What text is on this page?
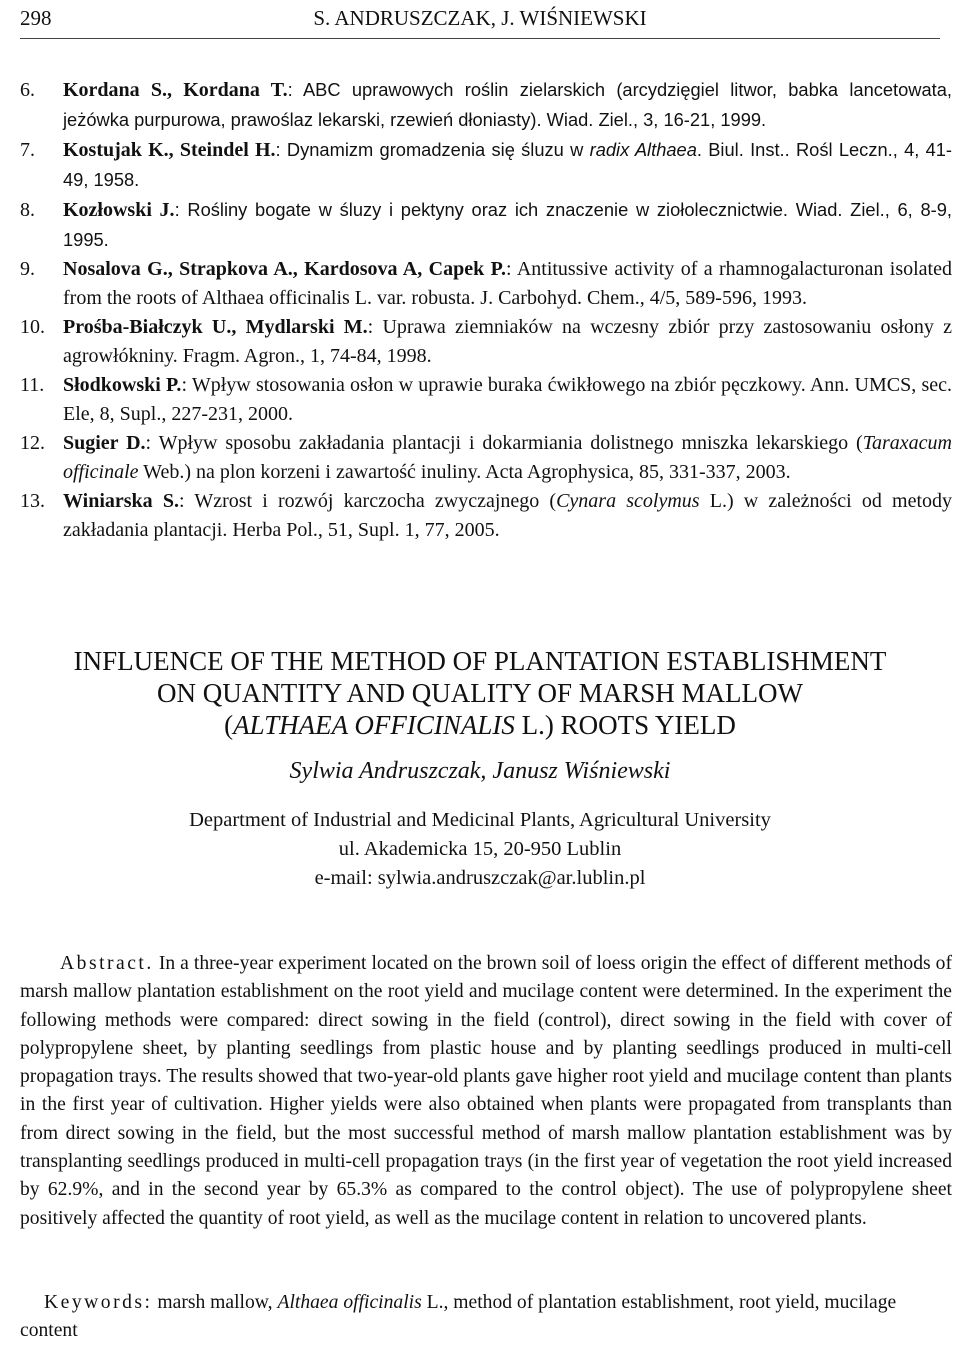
298	S. ANDRUSZCZAK, J. WIŚNIEWSKI

6. Kordana S., Kordana T.: ABC uprawowych roślin zielarskich (arcydzięgiel litwor, babka lancetowata, jeżówka purpurowa, prawoślaz lekarski, rzewień dłoniasty). Wiad. Ziel., 3, 16-21, 1999.

7. Kostujak K., Steindel H.: Dynamizm gromadzenia się śluzu w radix Althaea. Biul. Inst.. Rośl Leczn., 4, 41-49, 1958.

8. Kozłowski J.: Rośliny bogate w śluzy i pektyny oraz ich znaczenie w ziołolecznictwie. Wiad. Ziel., 6, 8-9, 1995.

9. Nosalova G., Strapkova A., Kardosova A, Capek P.: Antitussive activity of a rhamnogalacturonan isolated from the roots of Althaea officinalis L. var. robusta. J. Carbohyd. Chem., 4/5, 589-596, 1993.

10. Prośba-Białczyk U., Mydlarski M.: Uprawa ziemniaków na wczesny zbiór przy zastosowaniu osłony z agrowłókniny. Fragm. Agron., 1, 74-84, 1998.

11. Słodkowski P.: Wpływ stosowania osłon w uprawie buraka ćwikłowego na zbiór pęczkowy. Ann. UMCS, sec. Ele, 8, Supl., 227-231, 2000.

12. Sugier D.: Wpływ sposobu zakładania plantacji i dokarmiania dolistnego mniszka lekarskiego (Taraxacum officinale Web.) na plon korzeni i zawartość inuliny. Acta Agrophysica, 85, 331-337, 2003.

13. Winiarska S.: Wzrost i rozwój karczocha zwyczajnego (Cynara scolymus L.) w zależności od metody zakładania plantacji. Herba Pol., 51, Supl. 1, 77, 2005.

INFLUENCE OF THE METHOD OF PLANTATION ESTABLISHMENT
ON QUANTITY AND QUALITY OF MARSH MALLOW
(ALTHAEA OFFICINALIS L.) ROOTS YIELD
Sylwia Andruszczak, Janusz Wiśniewski
Department of Industrial and Medicinal Plants, Agricultural University
ul. Akademicka 15, 20-950 Lublin
e-mail: sylwia.andruszczak@ar.lublin.pl

Abstract. In a three-year experiment located on the brown soil of loess origin the effect of different methods of marsh mallow plantation establishment on the root yield and mucilage content were determined. In the experiment the following methods were compared: direct sowing in the field (control), direct sowing in the field with cover of polypropylene sheet, by planting seedlings from plastic house and by planting seedlings produced in multi-cell propagation trays. The results showed that two-year-old plants gave higher root yield and mucilage content than plants in the first year of cultivation. Higher yields were also obtained when plants were propagated from transplants than from direct sowing in the field, but the most successful method of marsh mallow plantation establishment was by transplanting seedlings produced in multi-cell propagation trays (in the first year of vegetation the root yield increased by 62.9%, and in the second year by 65.3% as compared to the control object). The use of polypropylene sheet positively affected the quantity of root yield, as well as the mucilage content in relation to uncovered plants.

Keywords: marsh mallow, Althaea officinalis L., method of plantation establishment, root yield, mucilage content
